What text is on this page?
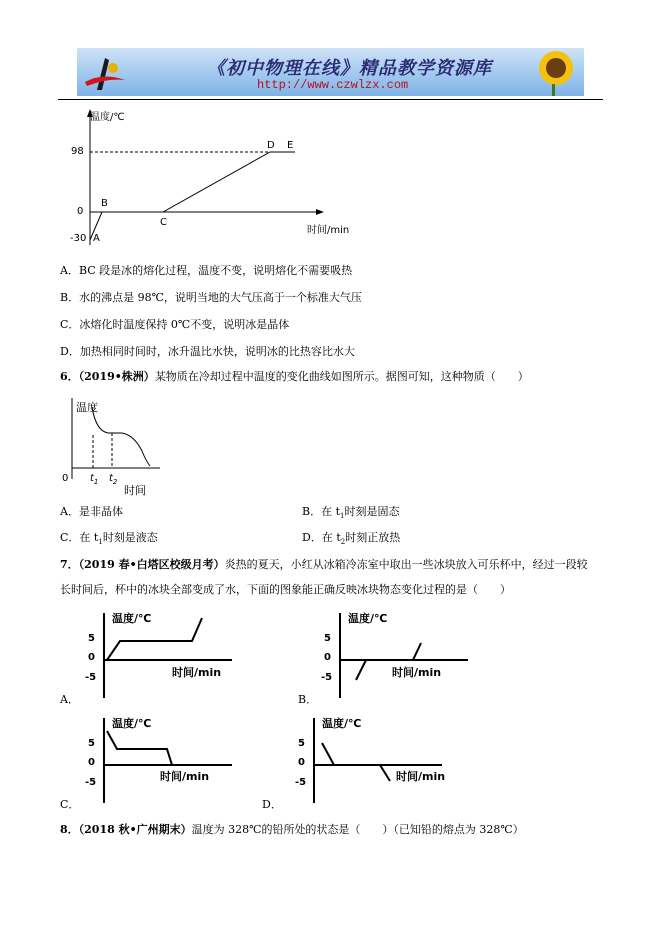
《初中物理在线》精品教学资源库
http://www.czwlzx.com
温度/℃
98
0
-30 A
B
C
D E
时间/min
A．BC 段是冰的熔化过程，温度不变，说明熔化不需要吸热
B．水的沸点是 98℃，说明当地的大气压高于一个标准大气压
C．冰熔化时温度保持 0℃不变，说明冰是晶体
D．加热相同时间时，冰升温比水快，说明冰的比热容比水大
6．（2019•株洲）某物质在冷却过程中温度的变化曲线如图所示。据图可知，这种物质（　　）
温度
0 $t_1$ $t_2$
时间
A．是非晶体	B．在 $t_1$时刻是固态
C．在 $t_1$时刻是液态	D．在 $t_2$时刻正放热
7．（2019 春•白塔区校级月考）炎热的夏天，小红从冰箱冷冻室中取出一些冰块放入可乐杯中，经过一段较
长时间后，杯中的冰块全部变成了水，下面的图象能正确反映冰块物态变化过程的是（　　）
温度/℃
5
0
-5	时间/min
A．
温度/℃
5
0
-5	时间/min
B．
温度/℃
5
0
-5	时间/min
C．
温度/℃
5
0
-5	时间/min
D．
8．（2018 秋•广州期末）温度为 328℃的铅所处的状态是（　　）（已知铅的熔点为 328℃）
